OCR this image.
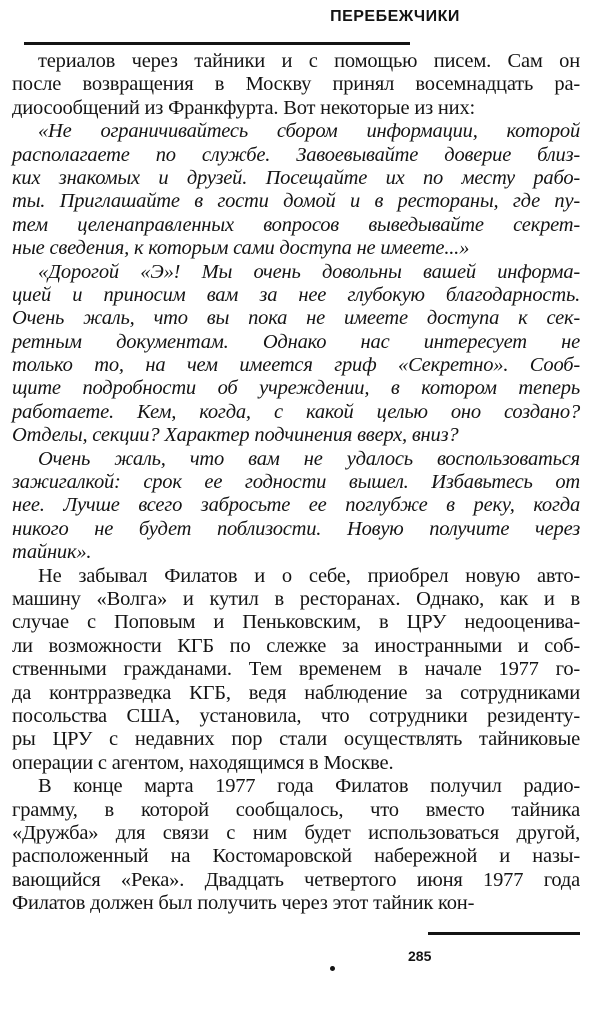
ПЕРЕБЕЖЧИКИ
териалов через тайники и с помощью писем. Сам он
после возвращения в Москву принял восемнадцать ра-
диосообщений из Франкфурта. Вот некоторые из них:
«Не ограничивайтесь сбором информации, которой
располагаете по службе. Завоевывайте доверие близ-
ких знакомых и друзей. Посещайте их по месту рабо-
ты. Приглашайте в гости домой и в рестораны, где пу-
тем целенаправленных вопросов выведывайте секрет-
ные сведения, к которым сами доступа не имеете...»
«Дорогой «Э»! Мы очень довольны вашей информа-
цией и приносим вам за нее глубокую благодарность.
Очень жаль, что вы пока не имеете доступа к сек-
ретным документам. Однако нас интересует не
только то, на чем имеется гриф «Секретно». Сооб-
щите подробности об учреждении, в котором теперь
работаете. Кем, когда, с какой целью оно создано?
Отделы, секции? Характер подчинения вверх, вниз?
Очень жаль, что вам не удалось воспользоваться
зажигалкой: срок ее годности вышел. Избавьтесь от
нее. Лучше всего забросьте ее поглубже в реку, когда
никого не будет поблизости. Новую получите через
тайник».
Не забывал Филатов и о себе, приобрел новую авто-
машину «Волга» и кутил в ресторанах. Однако, как и в
случае с Поповым и Пеньковским, в ЦРУ недооценива-
ли возможности КГБ по слежке за иностранными и соб-
ственными гражданами. Тем временем в начале 1977 го-
да контрразведка КГБ, ведя наблюдение за сотрудниками
посольства США, установила, что сотрудники резиденту-
ры ЦРУ с недавних пор стали осуществлять тайниковые
операции с агентом, находящимся в Москве.
В конце марта 1977 года Филатов получил радио-
грамму, в которой сообщалось, что вместо тайника
«Дружба» для связи с ним будет использоваться другой,
расположенный на Костомаровской набережной и назы-
вающийся «Река». Двадцать четвертого июня 1977 года
Филатов должен был получить через этот тайник кон-
285
